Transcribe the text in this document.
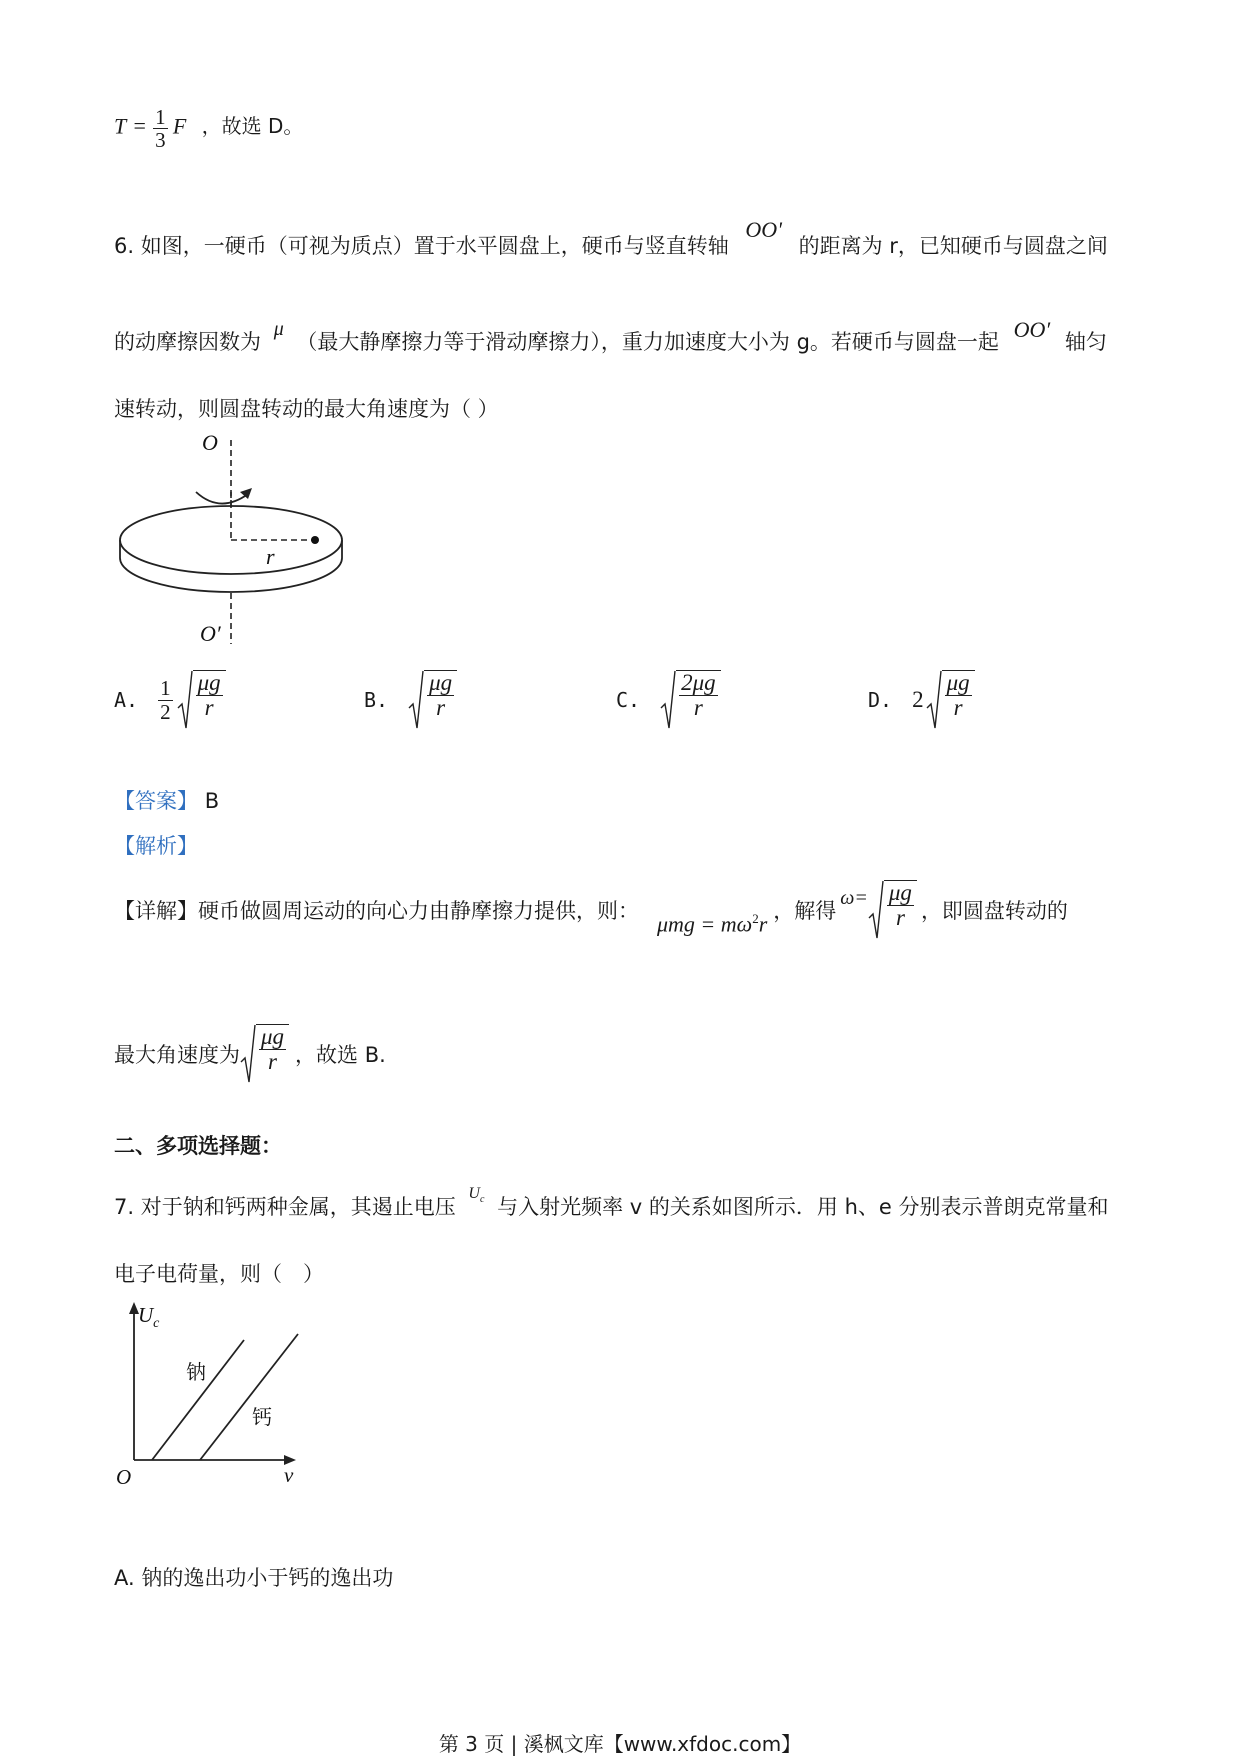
$T = \frac{1}{3}$ F ，故选 D。
6. 如图，一硬币（可视为质点）置于水平圆盘上，硬币与竖直转轴 OO' 的距离为 r，已知硬币与圆盘之间
的动摩擦因数为 μ （最大静摩擦力等于滑动摩擦力），重力加速度大小为 g。若硬币与圆盘一起 OO′ 轴匀
速转动，则圆盘转动的最大角速度为（ ）
O
r
O′
A. $\frac{1}{2} \frac{\mu g}{r}$	B. $\frac{\mu g}{r}$	C. $\frac{2\mu g}{r}$	D. $2 \frac{\mu g}{r}$
【答案】 B
【解析】
【详解】 硬币做圆周运动的向心力由静摩擦力提供，则：
$\mu mg = m\omega^2r$
，解得
$\omega= \frac{\mu g}{r}$ ，即圆盘转动的
最大角速度为 $\frac{\mu g}{r}$ ，故选 B.
二、多项选择题：
7. 对于钠和钙两种金属，其遏止电压 $^{U_c}$ 与入射光频率 v 的关系如图所示．用 h、e 分别表示普朗克常量和
电子电荷量，则（　）
$U_c$
钠
钙
O	v
A. 钠的逸出功小于钙的逸出功
第 3 页 | 溪枫文库【www.xfdoc.com】
